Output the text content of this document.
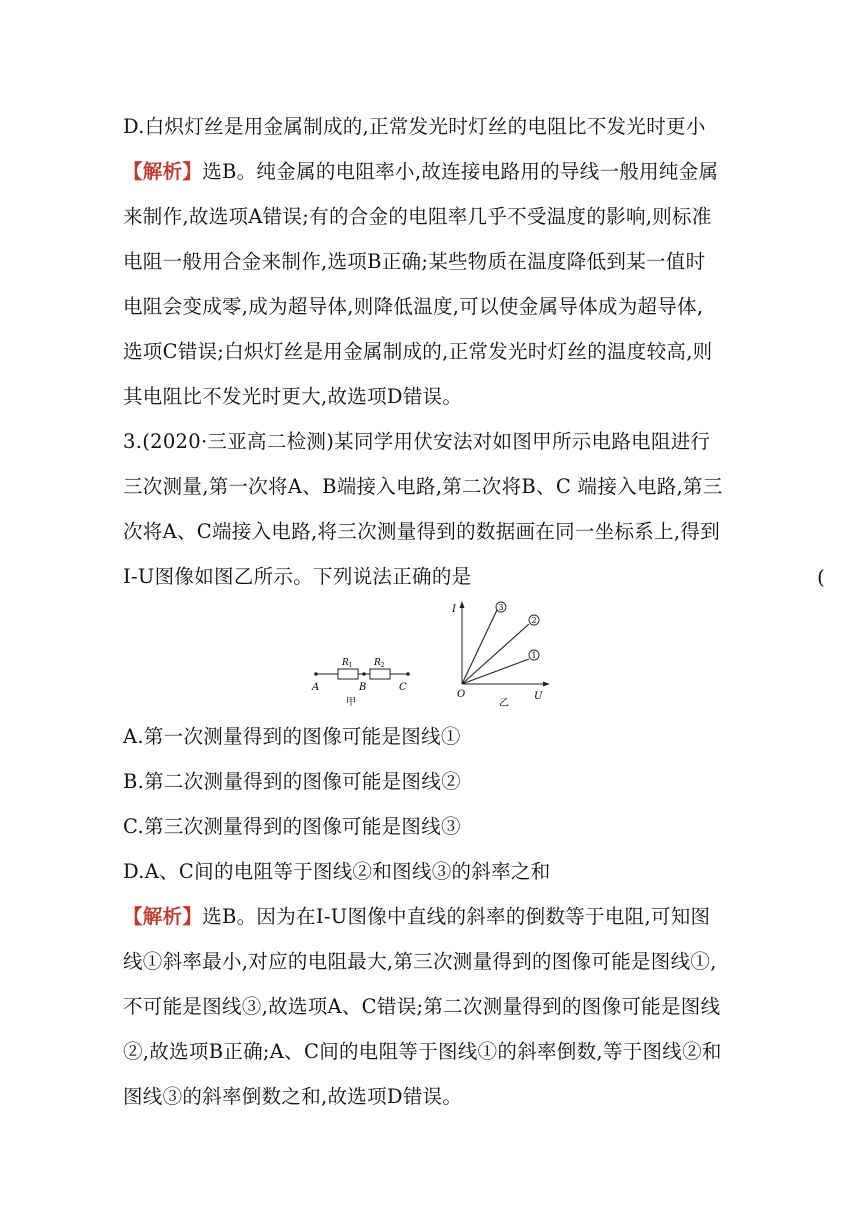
D.白炽灯丝是用金属制成的,正常发光时灯丝的电阻比不发光时更小
【解析】选B。纯金属的电阻率小,故连接电路用的导线一般用纯金属
来制作,故选项A错误;有的合金的电阻率几乎不受温度的影响,则标准
电阻一般用合金来制作,选项B正确;某些物质在温度降低到某一值时
电阻会变成零,成为超导体,则降低温度,可以使金属导体成为超导体,
选项C错误;白炽灯丝是用金属制成的,正常发光时灯丝的温度较高,则
其电阻比不发光时更大,故选项D错误。
3.(2020·三亚高二检测)某同学用伏安法对如图甲所示电路电阻进行
三次测量,第一次将A、B端接入电路,第二次将B、C 端接入电路,第三
次将A、C端接入电路,将三次测量得到的数据画在同一坐标系上,得到
I-U图像如图乙所示。下列说法正确的是	(
$R_1$ $R_2$
A	B	C
甲
3
2
1
I
U
O
乙
A.第一次测量得到的图像可能是图线①
B.第二次测量得到的图像可能是图线②
C.第三次测量得到的图像可能是图线③
D.A、C间的电阻等于图线②和图线③的斜率之和
【解析】选B。因为在I-U图像中直线的斜率的倒数等于电阻,可知图
线①斜率最小,对应的电阻最大,第三次测量得到的图像可能是图线①,
不可能是图线③,故选项A、C错误;第二次测量得到的图像可能是图线
②,故选项B正确;A、C间的电阻等于图线①的斜率倒数,等于图线②和
图线③的斜率倒数之和,故选项D错误。
